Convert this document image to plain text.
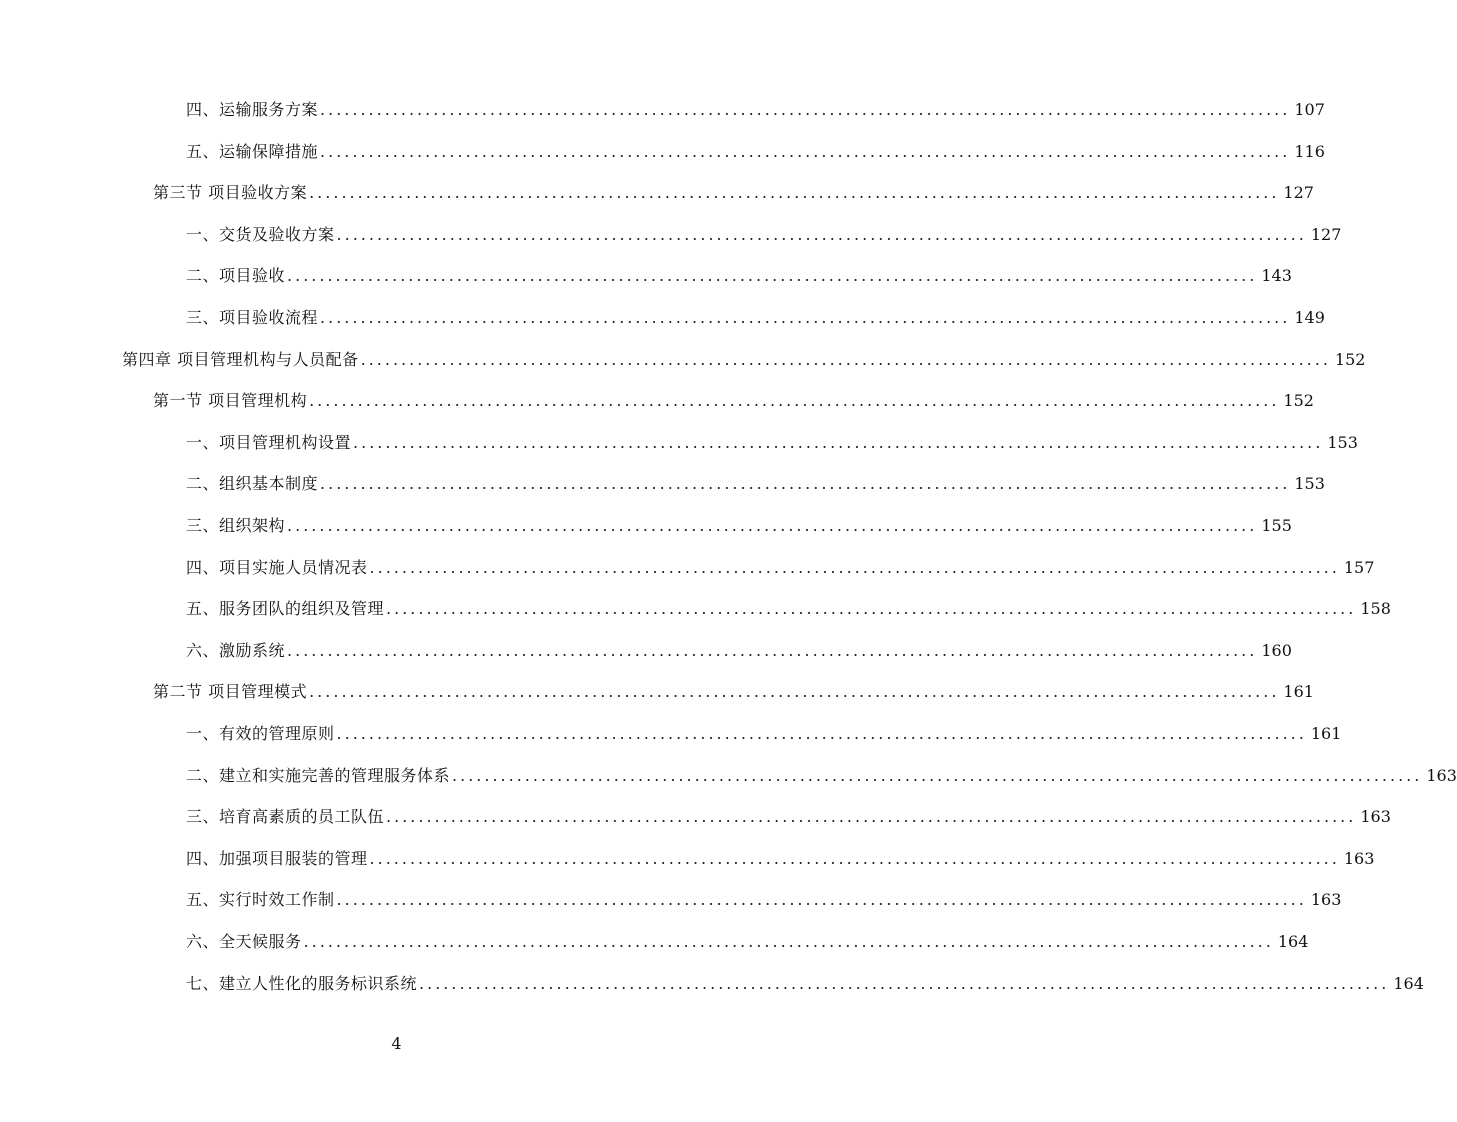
四、运输服务方案 ........................................................................................................................ 107
五、运输保障措施 ........................................................................................................................ 116
第三节 项目验收方案 ........................................................................................................................ 127
一、交货及验收方案 ........................................................................................................................ 127
二、项目验收 ........................................................................................................................ 143
三、项目验收流程 ........................................................................................................................ 149
第四章 项目管理机构与人员配备 ........................................................................................................................ 152
第一节 项目管理机构 ........................................................................................................................ 152
一、项目管理机构设置 ........................................................................................................................ 153
二、组织基本制度 ........................................................................................................................ 153
三、组织架构 ........................................................................................................................ 155
四、项目实施人员情况表 ........................................................................................................................ 157
五、服务团队的组织及管理 ........................................................................................................................ 158
六、激励系统 ........................................................................................................................ 160
第二节 项目管理模式 ........................................................................................................................ 161
一、有效的管理原则 ........................................................................................................................ 161
二、建立和实施完善的管理服务体系 ........................................................................................................................ 163
三、培育高素质的员工队伍 ........................................................................................................................ 163
四、加强项目服装的管理 ........................................................................................................................ 163
五、实行时效工作制 ........................................................................................................................ 163
六、全天候服务 ........................................................................................................................ 164
七、建立人性化的服务标识系统 ........................................................................................................................ 164
4
